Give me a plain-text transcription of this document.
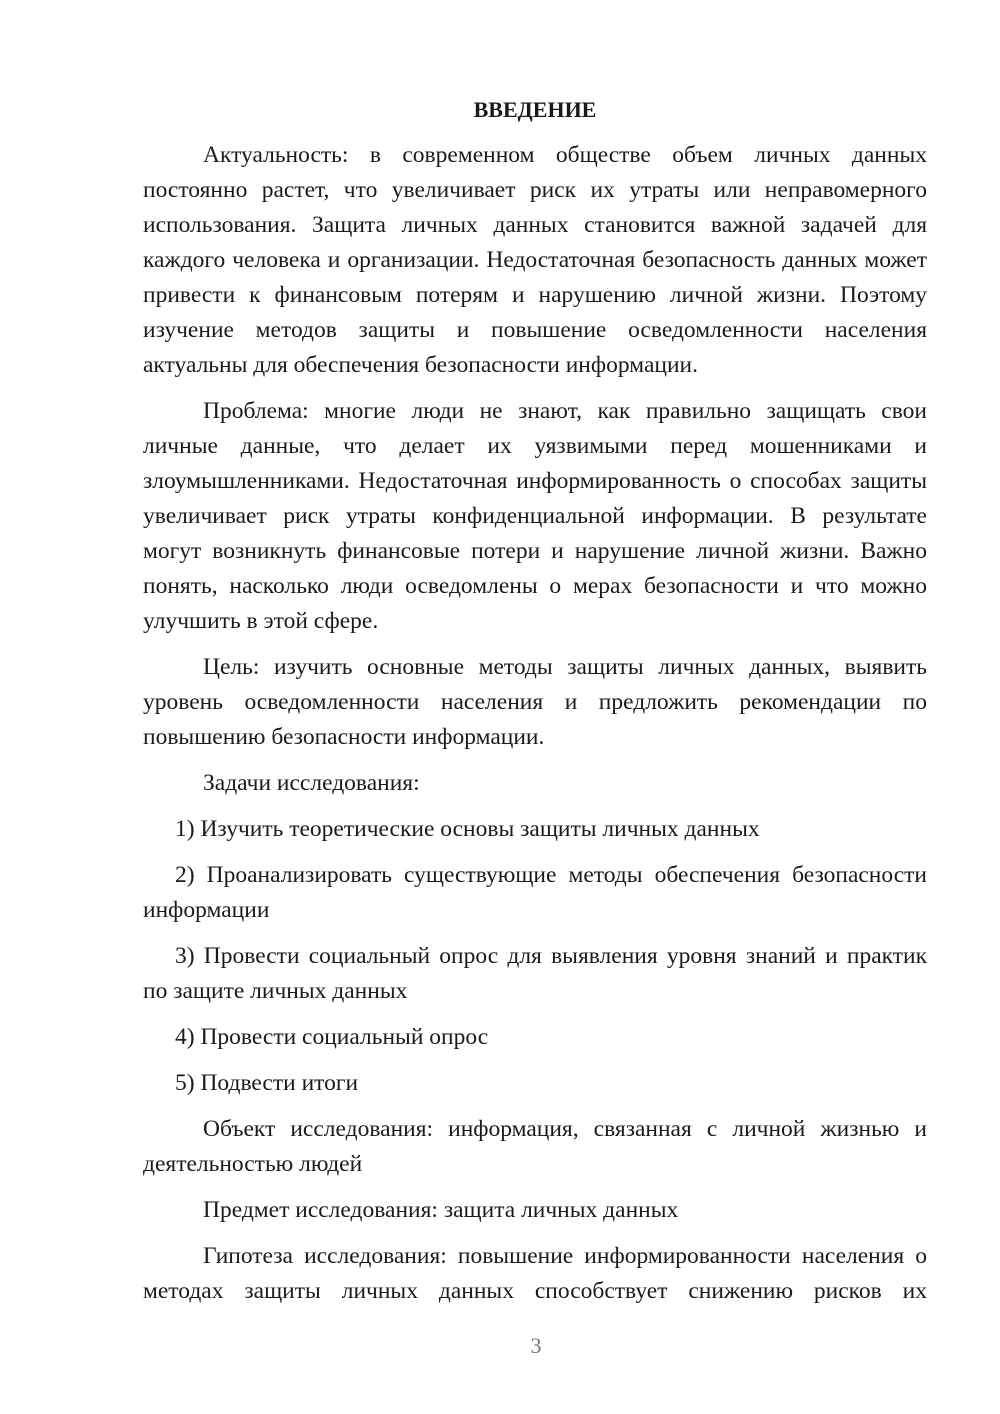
ВВЕДЕНИЕ
Актуальность: в современном обществе объем личных данных постоянно растет, что увеличивает риск их утраты или неправомерного использования. Защита личных данных становится важной задачей для каждого человека и организации. Недостаточная безопасность данных может привести к финансовым потерям и нарушению личной жизни. Поэтому изучение методов защиты и повышение осведомленности населения актуальны для обеспечения безопасности информации.
Проблема: многие люди не знают, как правильно защищать свои личные данные, что делает их уязвимыми перед мошенниками и злоумышленниками. Недостаточная информированность о способах защиты увеличивает риск утраты конфиденциальной информации. В результате могут возникнуть финансовые потери и нарушение личной жизни. Важно понять, насколько люди осведомлены о мерах безопасности и что можно улучшить в этой сфере.
Цель: изучить основные методы защиты личных данных, выявить уровень осведомленности населения и предложить рекомендации по повышению безопасности информации.
Задачи исследования:
1) Изучить теоретические основы защиты личных данных
2) Проанализировать существующие методы обеспечения безопасности информации
3) Провести социальный опрос для выявления уровня знаний и практик по защите личных данных
4) Провести социальный опрос
5) Подвести итоги
Объект исследования: информация, связанная с личной жизнью и деятельностью людей
Предмет исследования: защита личных данных
Гипотеза исследования: повышение информированности населения о методах защиты личных данных способствует снижению рисков их
3
